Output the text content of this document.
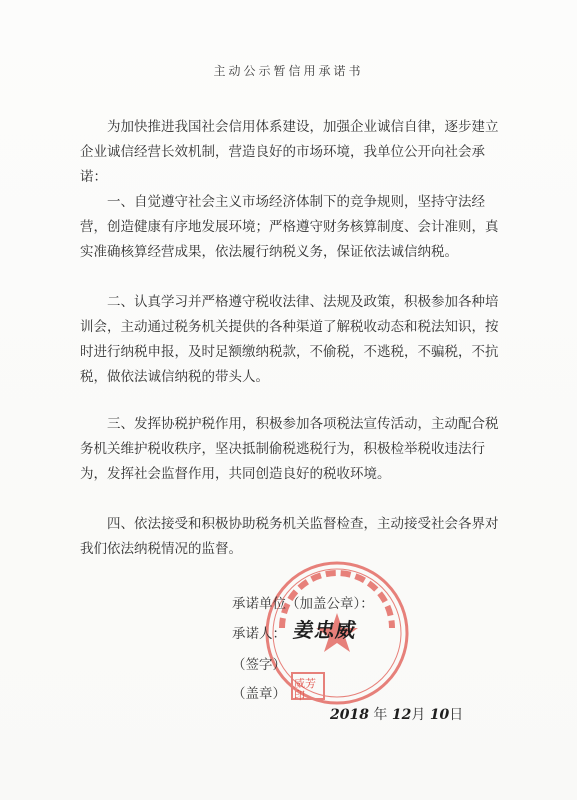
主动公示暂信用承诺书

为加快推进我国社会信用体系建设，加强企业诚信自律，逐步建立企业诚信经营长效机制，营造良好的市场环境，我单位公开向社会承诺：

一、自觉遵守社会主义市场经济体制下的竞争规则，坚持守法经营，创造健康有序地发展环境；严格遵守财务核算制度、会计准则，真实准确核算经营成果，依法履行纳税义务，保证依法诚信纳税。

二、认真学习并严格遵守税收法律、法规及政策，积极参加各种培训会，主动通过税务机关提供的各种渠道了解税收动态和税法知识，按时进行纳税申报，及时足额缴纳税款，不偷税，不逃税，不骗税，不抗税，做依法诚信纳税的带头人。

三、发挥协税护税作用，积极参加各项税法宣传活动，主动配合税务机关维护税收秩序，坚决抵制偷税逃税行为，积极检举税收违法行为，发挥社会监督作用，共同创造良好的税收环境。

四、依法接受和积极协助税务机关监督检查，主动接受社会各界对我们依法纳税情况的监督。

威芳印
承诺单位（加盖公章）：
承诺人： 姜忠威
（签字）
（盖章）
2018 年 12月 10日
